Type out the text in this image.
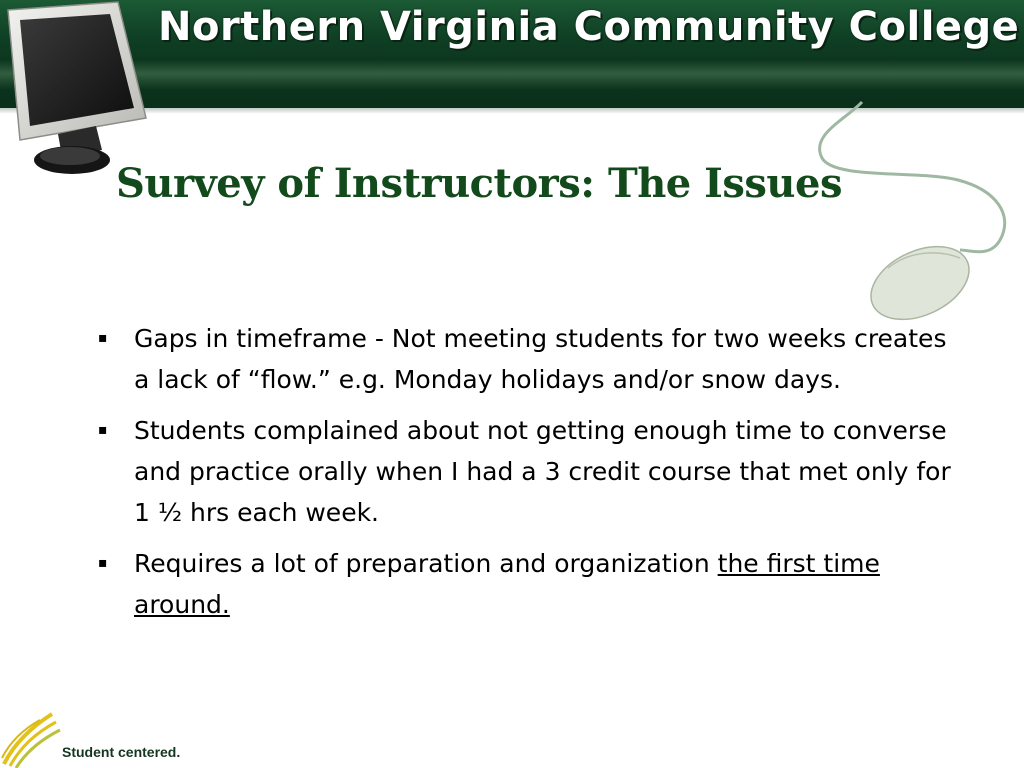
Northern Virginia Community College
Survey of Instructors: The Issues
▪ Gaps in timeframe - Not meeting students for two weeks creates a lack of “flow.” e.g. Monday holidays and/or snow days.
▪ Students complained about not getting enough time to converse and practice orally when I had a 3 credit course that met only for 1 ½ hrs each week.
▪ Requires a lot of preparation and organization the first time around.
Student centered.
